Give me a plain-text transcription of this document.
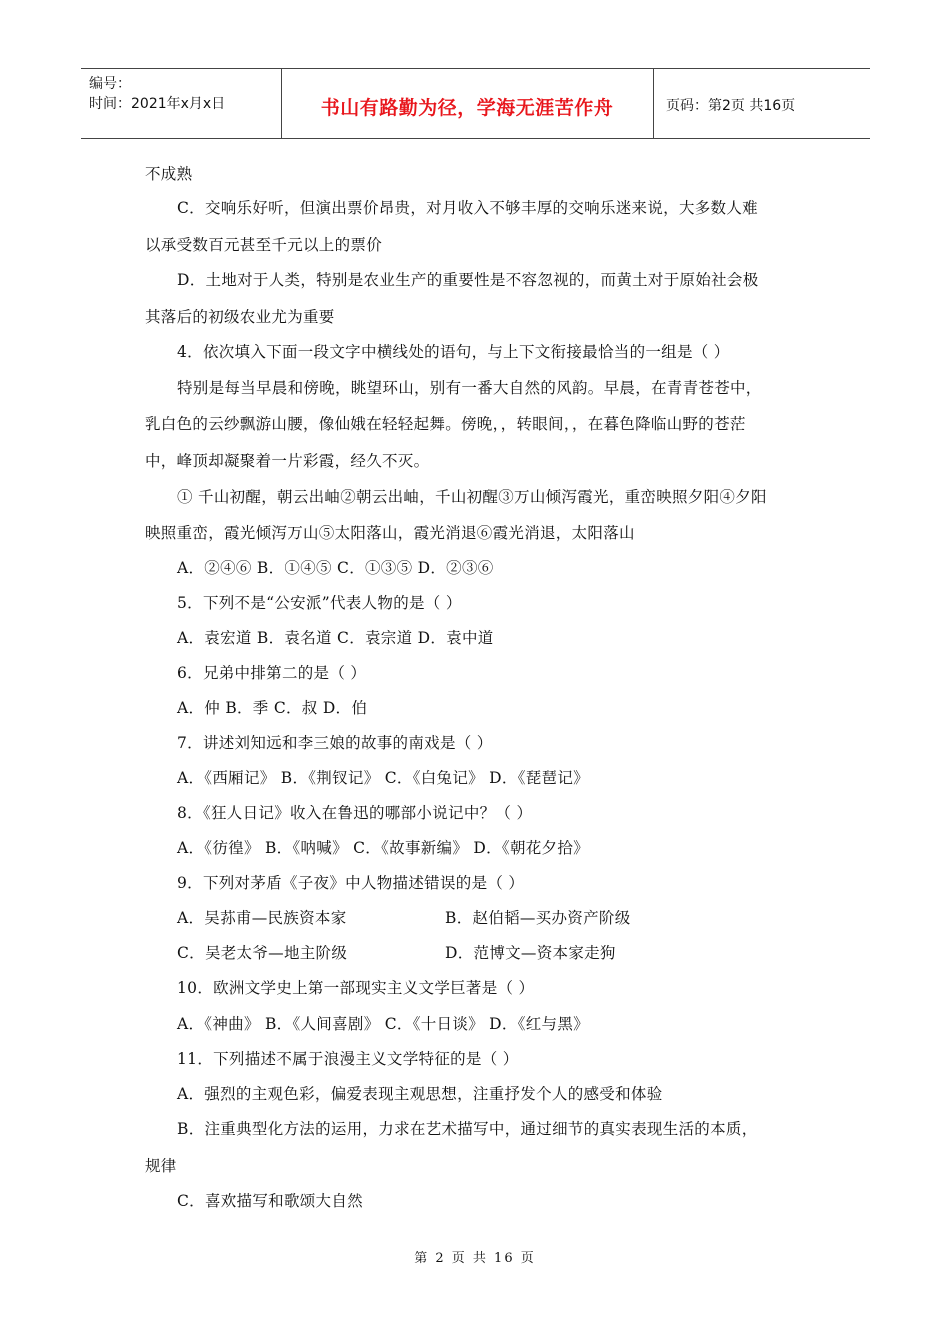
编号：
时间：2021年x月x日	书山有路勤为径，学海无涯苦作舟	页码：第2页 共16页
不成熟
C．交响乐好听，但演出票价昂贵，对月收入不够丰厚的交响乐迷来说，大多数人难
以承受数百元甚至千元以上的票价
D．土地对于人类，特别是农业生产的重要性是不容忽视的，而黄土对于原始社会极
其落后的初级农业尤为重要
4．依次填入下面一段文字中横线处的语句，与上下文衔接最恰当的一组是（ ）
特别是每当早晨和傍晚，眺望环山，别有一番大自然的风韵。早晨，在青青苍苍中，
乳白色的云纱飘游山腰，像仙娥在轻轻起舞。傍晚，，转眼间，，在暮色降临山野的苍茫
中，峰顶却凝聚着一片彩霞，经久不灭。
① 千山初醒，朝云出岫②朝云出岫，千山初醒③万山倾泻霞光，重峦映照夕阳④夕阳
映照重峦，霞光倾泻万山⑤太阳落山，霞光消退⑥霞光消退，太阳落山
A．②④⑥ B．①④⑤ C．①③⑤ D．②③⑥
5．下列不是“公安派”代表人物的是（ ）
A．袁宏道 B．袁名道 C．袁宗道 D．袁中道
6．兄弟中排第二的是（ ）
A．仲 B．季 C．叔 D．伯
7．讲述刘知远和李三娘的故事的南戏是（ ）
A．《西厢记》 B．《荆钗记》 C．《白兔记》 D．《琵琶记》
8．《狂人日记》收入在鲁迅的哪部小说记中？（ ）
A．《彷徨》 B．《呐喊》 C．《故事新编》 D．《朝花夕拾》
9．下列对茅盾《子夜》中人物描述错误的是（ ）
A．吴荪甫—民族资本家	B．赵伯韬—买办资产阶级
C．吴老太爷—地主阶级	D．范博文—资本家走狗
10．欧洲文学史上第一部现实主义文学巨著是（ ）
A．《神曲》 B．《人间喜剧》 C．《十日谈》 D．《红与黑》
11．下列描述不属于浪漫主义文学特征的是（ ）
A．强烈的主观色彩，偏爱表现主观思想，注重抒发个人的感受和体验
B．注重典型化方法的运用，力求在艺术描写中，通过细节的真实表现生活的本质，
规律
C．喜欢描写和歌颂大自然
第 2 页 共 16 页
